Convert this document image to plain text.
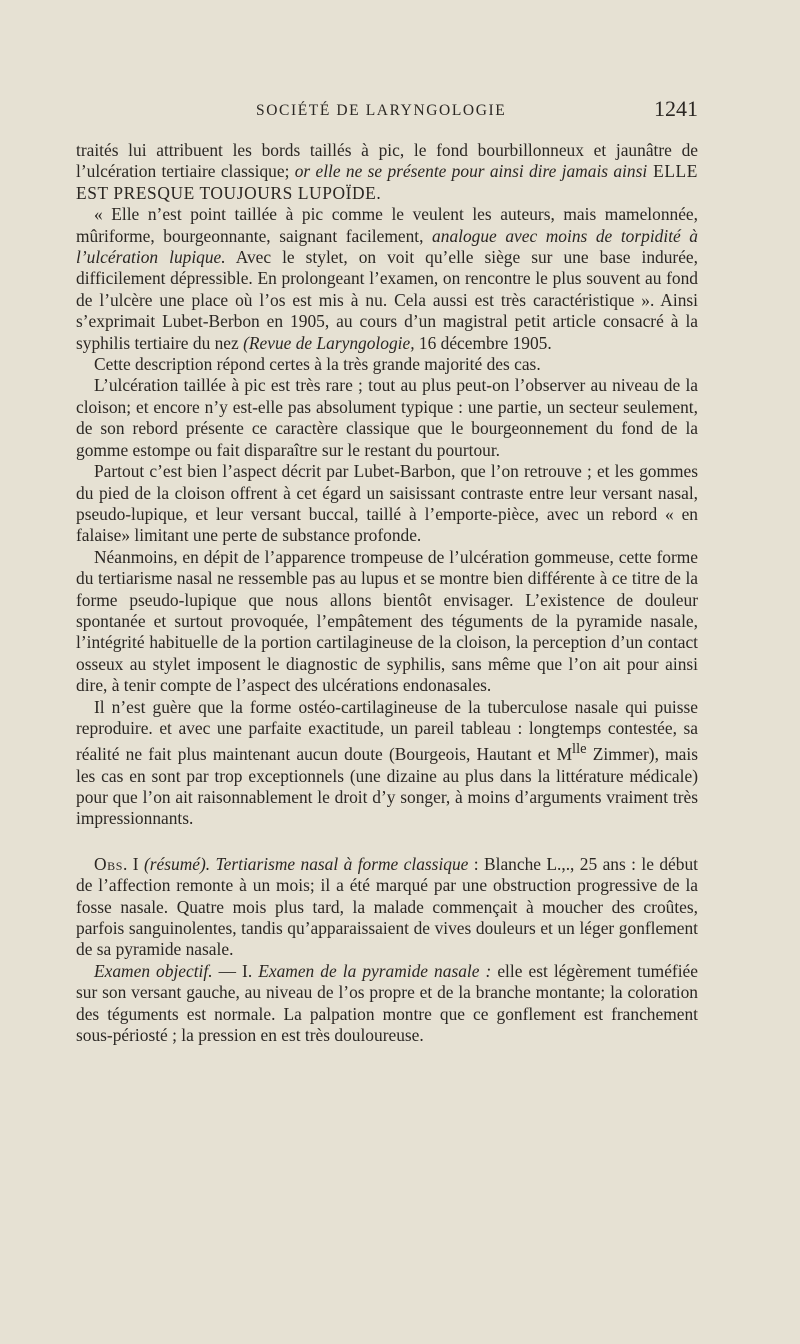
SOCIÉTÉ DE LARYNGOLOGIE	1241

traités lui attribuent les bords taillés à pic, le fond bourbillonneux et jaunâtre de l’ulcération tertiaire classique; or elle ne se présente pour ainsi dire jamais ainsi ELLE EST PRESQUE TOUJOURS LUPOÏDE.

« Elle n’est point taillée à pic comme le veulent les auteurs, mais mamelonnée, mûriforme, bourgeonnante, saignant facilement, analogue avec moins de torpidité à l’ulcération lupique. Avec le stylet, on voit qu’elle siège sur une base indurée, difficilement dépressible. En prolongeant l’examen, on rencontre le plus souvent au fond de l’ulcère une place où l’os est mis à nu. Cela aussi est très caractéristique ». Ainsi s’exprimait Lubet-Berbon en 1905, au cours d’un magistral petit article consacré à la syphilis tertiaire du nez (Revue de Laryngologie, 16 décembre 1905.

Cette description répond certes à la très grande majorité des cas.

L’ulcération taillée à pic est très rare ; tout au plus peut-on l’observer au niveau de la cloison; et encore n’y est-elle pas absolument typique : une partie, un secteur seulement, de son rebord présente ce caractère classique que le bourgeonnement du fond de la gomme estompe ou fait disparaître sur le restant du pourtour.

Partout c’est bien l’aspect décrit par Lubet-Barbon, que l’on retrouve ; et les gommes du pied de la cloison offrent à cet égard un saisissant contraste entre leur versant nasal, pseudo-lupique, et leur versant buccal, taillé à l’emporte-pièce, avec un rebord « en falaise» limitant une perte de substance profonde.

Néanmoins, en dépit de l’apparence trompeuse de l’ulcération gommeuse, cette forme du tertiarisme nasal ne ressemble pas au lupus et se montre bien différente à ce titre de la forme pseudo-lupique que nous allons bientôt envisager. L’existence de douleur spontanée et surtout provoquée, l’empâtement des téguments de la pyramide nasale, l’intégrité habituelle de la portion cartilagineuse de la cloison, la perception d’un contact osseux au stylet imposent le diagnostic de syphilis, sans même que l’on ait pour ainsi dire, à tenir compte de l’aspect des ulcérations endonasales.

Il n’est guère que la forme ostéo-cartilagineuse de la tuberculose nasale qui puisse reproduire. et avec une parfaite exactitude, un pareil tableau : longtemps contestée, sa réalité ne fait plus maintenant aucun doute (Bourgeois, Hautant et $M^{lle}$ Zimmer), mais les cas en sont par trop exceptionnels (une dizaine au plus dans la littérature médicale) pour que l’on ait raisonnablement le droit d’y songer, à moins d’arguments vraiment très impressionnants.

Obs. I (résumé). Tertiarisme nasal à forme classique : Blanche L.,., 25 ans : le début de l’affection remonte à un mois; il a été marqué par une obstruction progressive de la fosse nasale. Quatre mois plus tard, la malade commençait à moucher des croûtes, parfois sanguinolentes, tandis qu’apparaissaient de vives douleurs et un léger gonflement de sa pyramide nasale.

Examen objectif. — I. Examen de la pyramide nasale : elle est légèrement tuméfiée sur son versant gauche, au niveau de l’os propre et de la branche montante; la coloration des téguments est normale. La palpation montre que ce gonflement est franchement sous-périosté ; la pression en est très douloureuse.
